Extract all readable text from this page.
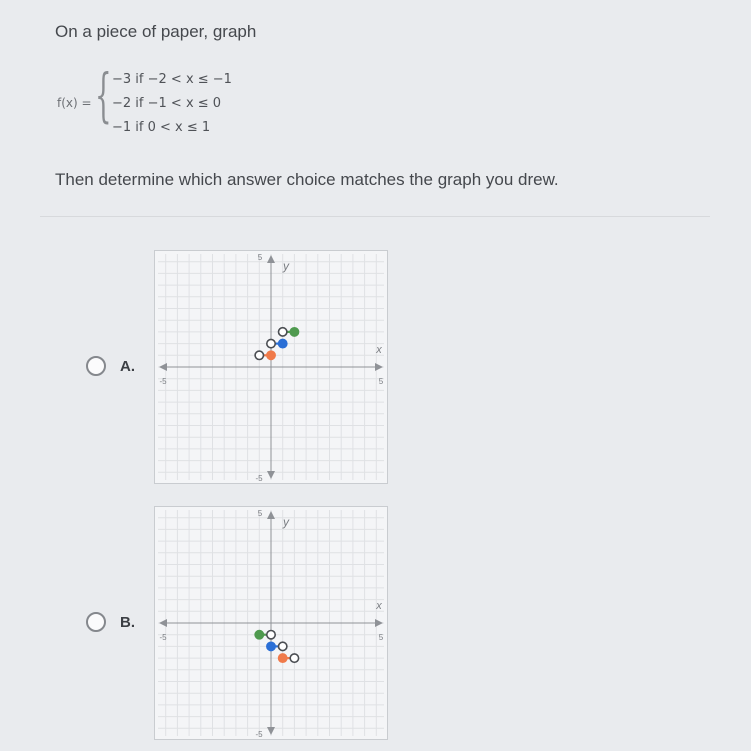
On a piece of paper, graph
f(x) = { −3 if −2 < x ≤ −1
−2 if −1 < x ≤ 0
−1 if 0 < x ≤ 1
Then determine which answer choice matches the graph you drew.
A.
B.
y
x
-5	5
5
-5
y
x
-5	5
5
-5
